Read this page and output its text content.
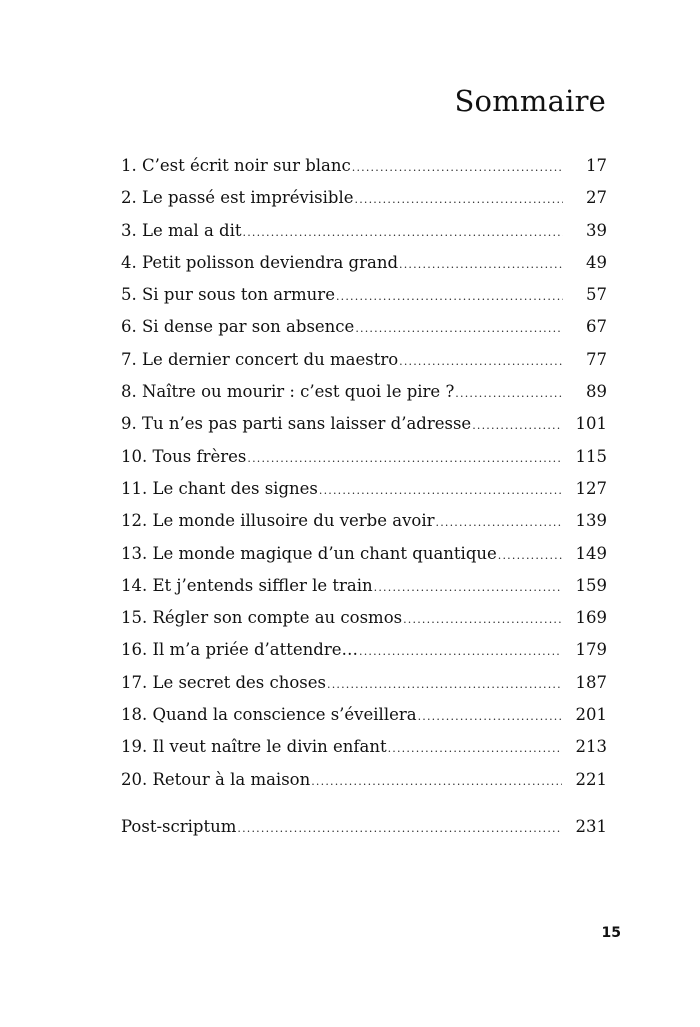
Sommaire
1. C’est écrit noir sur blanc .....	17
2. Le passé est imprévisible .....	27
3. Le mal a dit .....	39
4. Petit polisson deviendra grand .....	49
5. Si pur sous ton armure .....	57
6. Si dense par son absence .....	67
7. Le dernier concert du maestro .....	77
8. Naître ou mourir : c’est quoi le pire ? .....	89
9. Tu n’es pas parti sans laisser d’adresse .....	101
10. Tous frères .....	115
11. Le chant des signes .....	127
12. Le monde illusoire du verbe avoir .....	139
13. Le monde magique d’un chant quantique .....	149
14. Et j’entends siffler le train .....	159
15. Régler son compte au cosmos .....	169
16. Il m’a priée d’attendre… .....	179
17. Le secret des choses .....	187
18. Quand la conscience s’éveillera .....	201
19. Il veut naître le divin enfant .....	213
20. Retour à la maison .....	221
Post-scriptum .....	231
15
